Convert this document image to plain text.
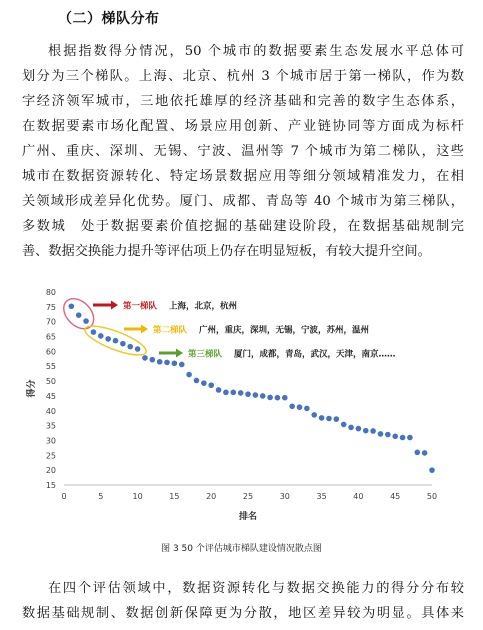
（二）梯队分布
根据指数得分情况，50 个城市的数据要素生态发展水平总体可
划分为三个梯队。上海、北京、杭州 3 个城市居于第一梯队，作为数
字经济领军城市，三地依托雄厚的经济基础和完善的数字生态体系，
在数据要素市场化配置、场景应用创新、产业链协同等方面成为标杆
广州、重庆、深圳、无锡、宁波、温州等 7 个城市为第二梯队，这些
城市在数据资源转化、特定场景数据应用等细分领域精准发力，在相
关领域形成差异化优势。厦门、成都、青岛等 40 个城市为第三梯队，
多数城　处于数据要素价值挖掘的基础建设阶段，在数据基础规制完
善、数据交换能力提升等评估项上仍存在明显短板，有较大提升空间。
15
20
25
30
35
40
45
50
55
60
65
70
75
80
0	5	10	15	20	25	30	35	40	45	50
排名
得分
第一梯队 上海，北京，杭州
第二梯队 广州，重庆，深圳，无锡，宁波，苏州，温州
第三梯队 厦门，成都，青岛，武汉，天津，南京……
图 3 50 个评估城市梯队建设情况散点图
在四个评估领域中，数据资源转化与数据交换能力的得分分布较
数据基础规制、数据创新保障更为分散，地区差异较为明显。具体来
